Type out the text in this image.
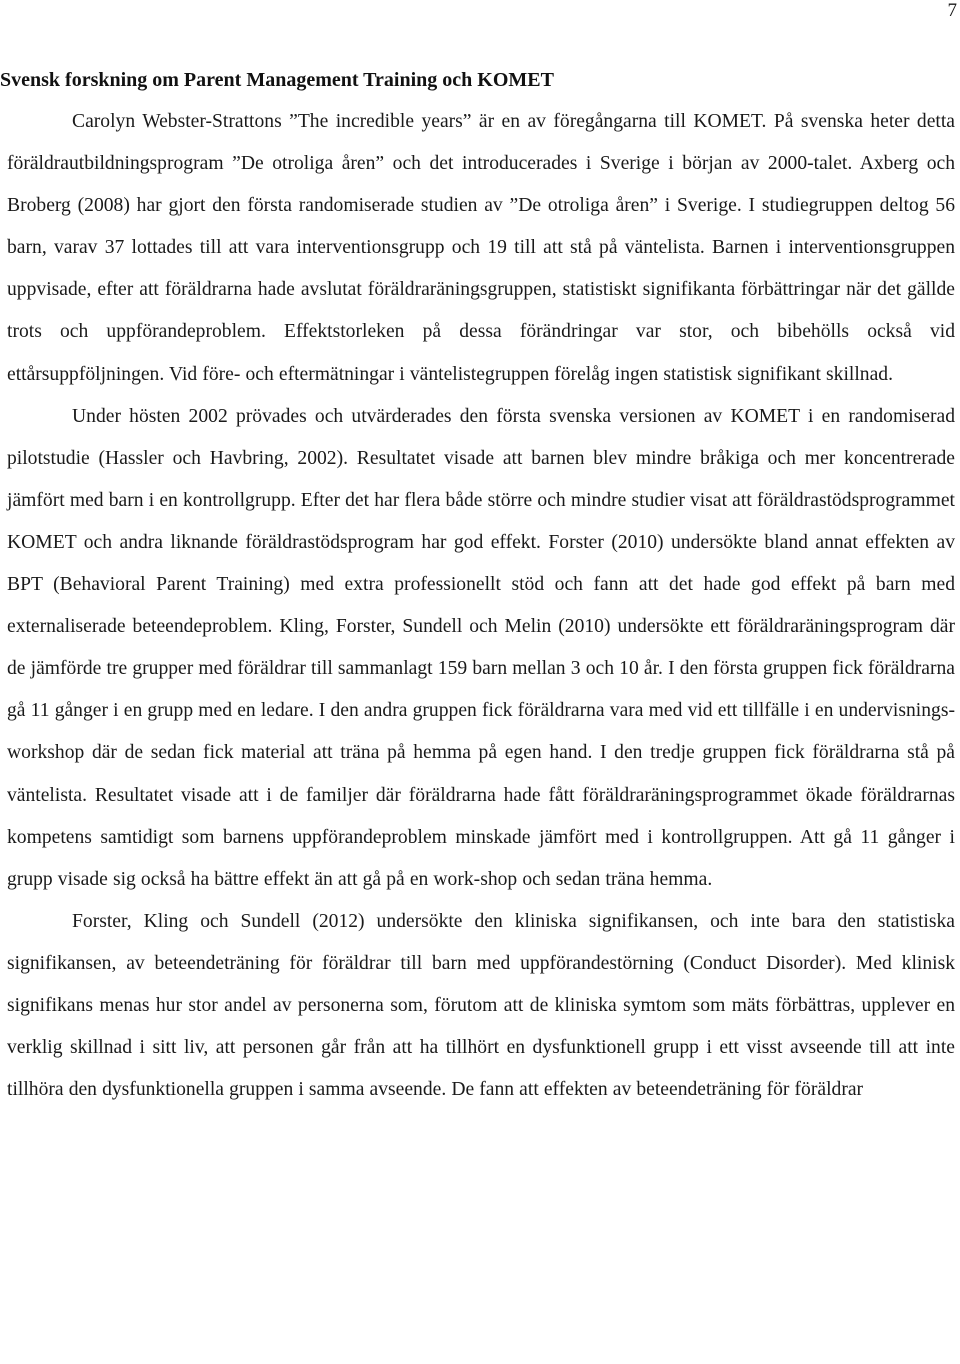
7
Svensk forskning om Parent Management Training och KOMET

Carolyn Webster-Strattons ”The incredible years” är en av föregångarna till KOMET. På svenska heter detta föräldrautbildningsprogram ”De otroliga åren” och det introducerades i Sverige i början av 2000-talet. Axberg och Broberg (2008) har gjort den första randomiserade studien av ”De otroliga åren” i Sverige. I studiegruppen deltog 56 barn, varav 37 lottades till att vara interventionsgrupp och 19 till att stå på väntelista. Barnen i interventionsgruppen uppvisade, efter att föräldrarna hade avslutat föräldraräningsgruppen, statistiskt signifikanta förbättringar när det gällde trots och uppförandeproblem. Effektstorleken på dessa förändringar var stor, och bibehölls också vid ettårsuppföljningen. Vid före- och eftermätningar i väntelistegruppen förelåg ingen statistisk signifikant skillnad.

Under hösten 2002 prövades och utvärderades den första svenska versionen av KOMET i en randomiserad pilotstudie (Hassler och Havbring, 2002). Resultatet visade att barnen blev mindre bråkiga och mer koncentrerade jämfört med barn i en kontrollgrupp. Efter det har flera både större och mindre studier visat att föräldrastödsprogrammet KOMET och andra liknande föräldrastödsprogram har god effekt. Forster (2010) undersökte bland annat effekten av BPT (Behavioral Parent Training) med extra professionellt stöd och fann att det hade god effekt på barn med externaliserade beteendeproblem. Kling, Forster, Sundell och Melin (2010) undersökte ett föräldraräningsprogram där de jämförde tre grupper med föräldrar till sammanlagt 159 barn mellan 3 och 10 år. I den första gruppen fick föräldrarna gå 11 gånger i en grupp med en ledare. I den andra gruppen fick föräldrarna vara med vid ett tillfälle i en undervisnings-workshop där de sedan fick material att träna på hemma på egen hand. I den tredje gruppen fick föräldrarna stå på väntelista. Resultatet visade att i de familjer där föräldrarna hade fått föräldraräningsprogrammet ökade föräldrarnas kompetens samtidigt som barnens uppförandeproblem minskade jämfört med i kontrollgruppen. Att gå 11 gånger i grupp visade sig också ha bättre effekt än att gå på en work-shop och sedan träna hemma.

Forster, Kling och Sundell (2012) undersökte den kliniska signifikansen, och inte bara den statistiska signifikansen, av beteendeträning för föräldrar till barn med uppförandestörning (Conduct Disorder). Med klinisk signifikans menas hur stor andel av personerna som, förutom att de kliniska symtom som mäts förbättras, upplever en verklig skillnad i sitt liv, att personen går från att ha tillhört en dysfunktionell grupp i ett visst avseende till att inte tillhöra den dysfunktionella gruppen i samma avseende. De fann att effekten av beteendeträning för föräldrar
